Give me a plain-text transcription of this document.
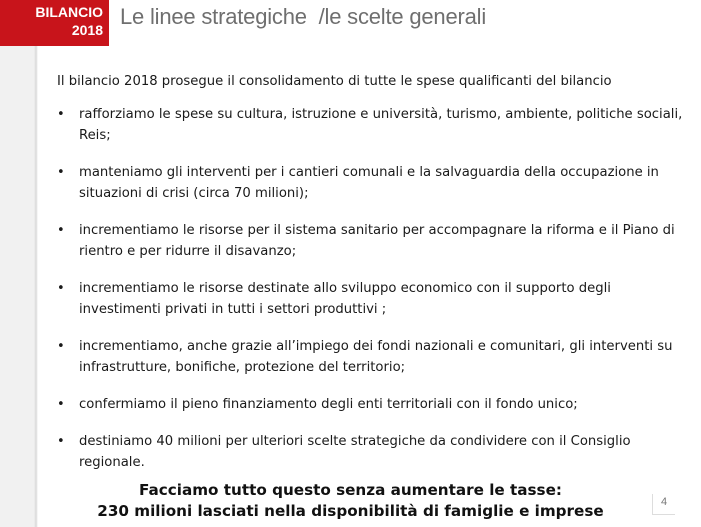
BILANCIO
2018
Le linee strategiche  /le scelte generali

Il bilancio 2018 prosegue il consolidamento di tutte le spese qualificanti del bilancio

•	rafforziamo le spese su cultura, istruzione e università, turismo, ambiente, politiche sociali, Reis;
•	manteniamo gli interventi per i cantieri comunali e la salvaguardia della occupazione in situazioni di crisi (circa 70 milioni);
•	incrementiamo le risorse per il sistema sanitario per accompagnare la riforma e il Piano di rientro e per ridurre il disavanzo;
•	incrementiamo le risorse destinate allo sviluppo economico con il supporto degli investimenti privati in tutti i settori produttivi ;
•	incrementiamo, anche grazie all’impiego dei fondi nazionali e comunitari, gli interventi su infrastrutture, bonifiche, protezione del territorio;
•	confermiamo il pieno finanziamento degli enti territoriali con il fondo unico;
•	destiniamo 40 milioni per ulteriori scelte strategiche da condividere con il Consiglio regionale.
Facciamo tutto questo senza aumentare le tasse:
230 milioni lasciati nella disponibilità di famiglie e imprese	4
